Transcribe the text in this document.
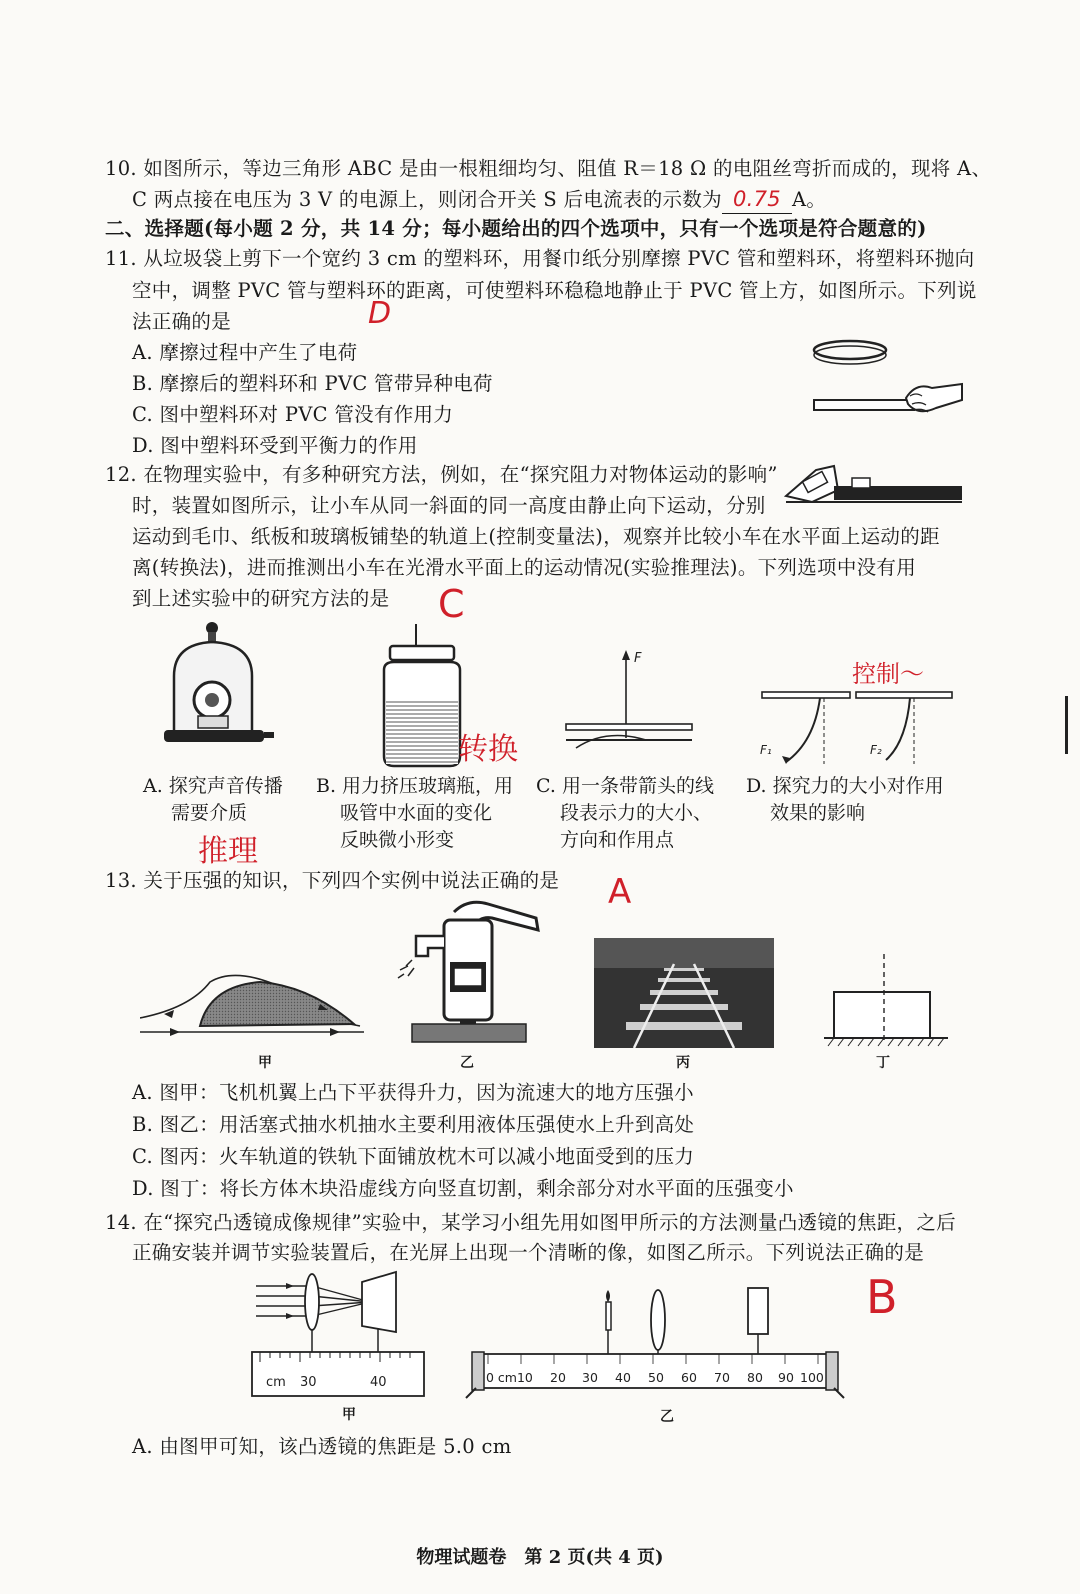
10. 如图所示，等边三角形 ABC 是由一根粗细均匀、阻值 R＝18 Ω 的电阻丝弯折而成的，现将 A、
C 两点接在电压为 3 V 的电源上，则闭合开关 S 后电流表的示数为 0.75 A。
二、选择题(每小题 2 分，共 14 分；每小题给出的四个选项中，只有一个选项是符合题意的)
11. 从垃圾袋上剪下一个宽约 3 cm 的塑料环，用餐巾纸分别摩擦 PVC 管和塑料环，将塑料环抛向
空中，调整 PVC 管与塑料环的距离，可使塑料环稳稳地静止于 PVC 管上方，如图所示。下列说
法正确的是	D
A. 摩擦过程中产生了电荷
B. 摩擦后的塑料环和 PVC 管带异种电荷
C. 图中塑料环对 PVC 管没有作用力
D. 图中塑料环受到平衡力的作用
12. 在物理实验中，有多种研究方法，例如，在“探究阻力对物体运动的影响”
时，装置如图所示，让小车从同一斜面的同一高度由静止向下运动，分别
运动到毛巾、纸板和玻璃板铺垫的轨道上(控制变量法)，观察并比较小车在水平面上运动的距
离(转换法)，进而推测出小车在光滑水平面上的运动情况(实验推理法)。下列选项中没有用
到上述实验中的研究方法的是 C
转换
F
F₁	F₂
控制～
A. 探究声音传播
需要介质
B. 用力挤压玻璃瓶，用
吸管中水面的变化
反映微小形变
C. 用一条带箭头的线
段表示力的大小、
方向和作用点
D. 探究力的大小对作用
效果的影响
推理
13. 关于压强的知识，下列四个实例中说法正确的是 A
甲	乙	丙	丁
A. 图甲：飞机机翼上凸下平获得升力，因为流速大的地方压强小
B. 图乙：用活塞式抽水机抽水主要利用液体压强使水上升到高处
C. 图丙：火车轨道的铁轨下面铺放枕木可以减小地面受到的压力
D. 图丁：将长方体木块沿虚线方向竖直切割，剩余部分对水平面的压强变小
14. 在“探究凸透镜成像规律”实验中，某学习小组先用如图甲所示的方法测量凸透镜的焦距，之后
正确安装并调节实验装置后，在光屏上出现一个清晰的像，如图乙所示。下列说法正确的是
B
cm 30	40
甲
0 cm10 20 30 40 50 60 70 80 90 100
乙
A. 由图甲可知，该凸透镜的焦距是 5.0 cm
物理试题卷　第 2 页(共 4 页)
